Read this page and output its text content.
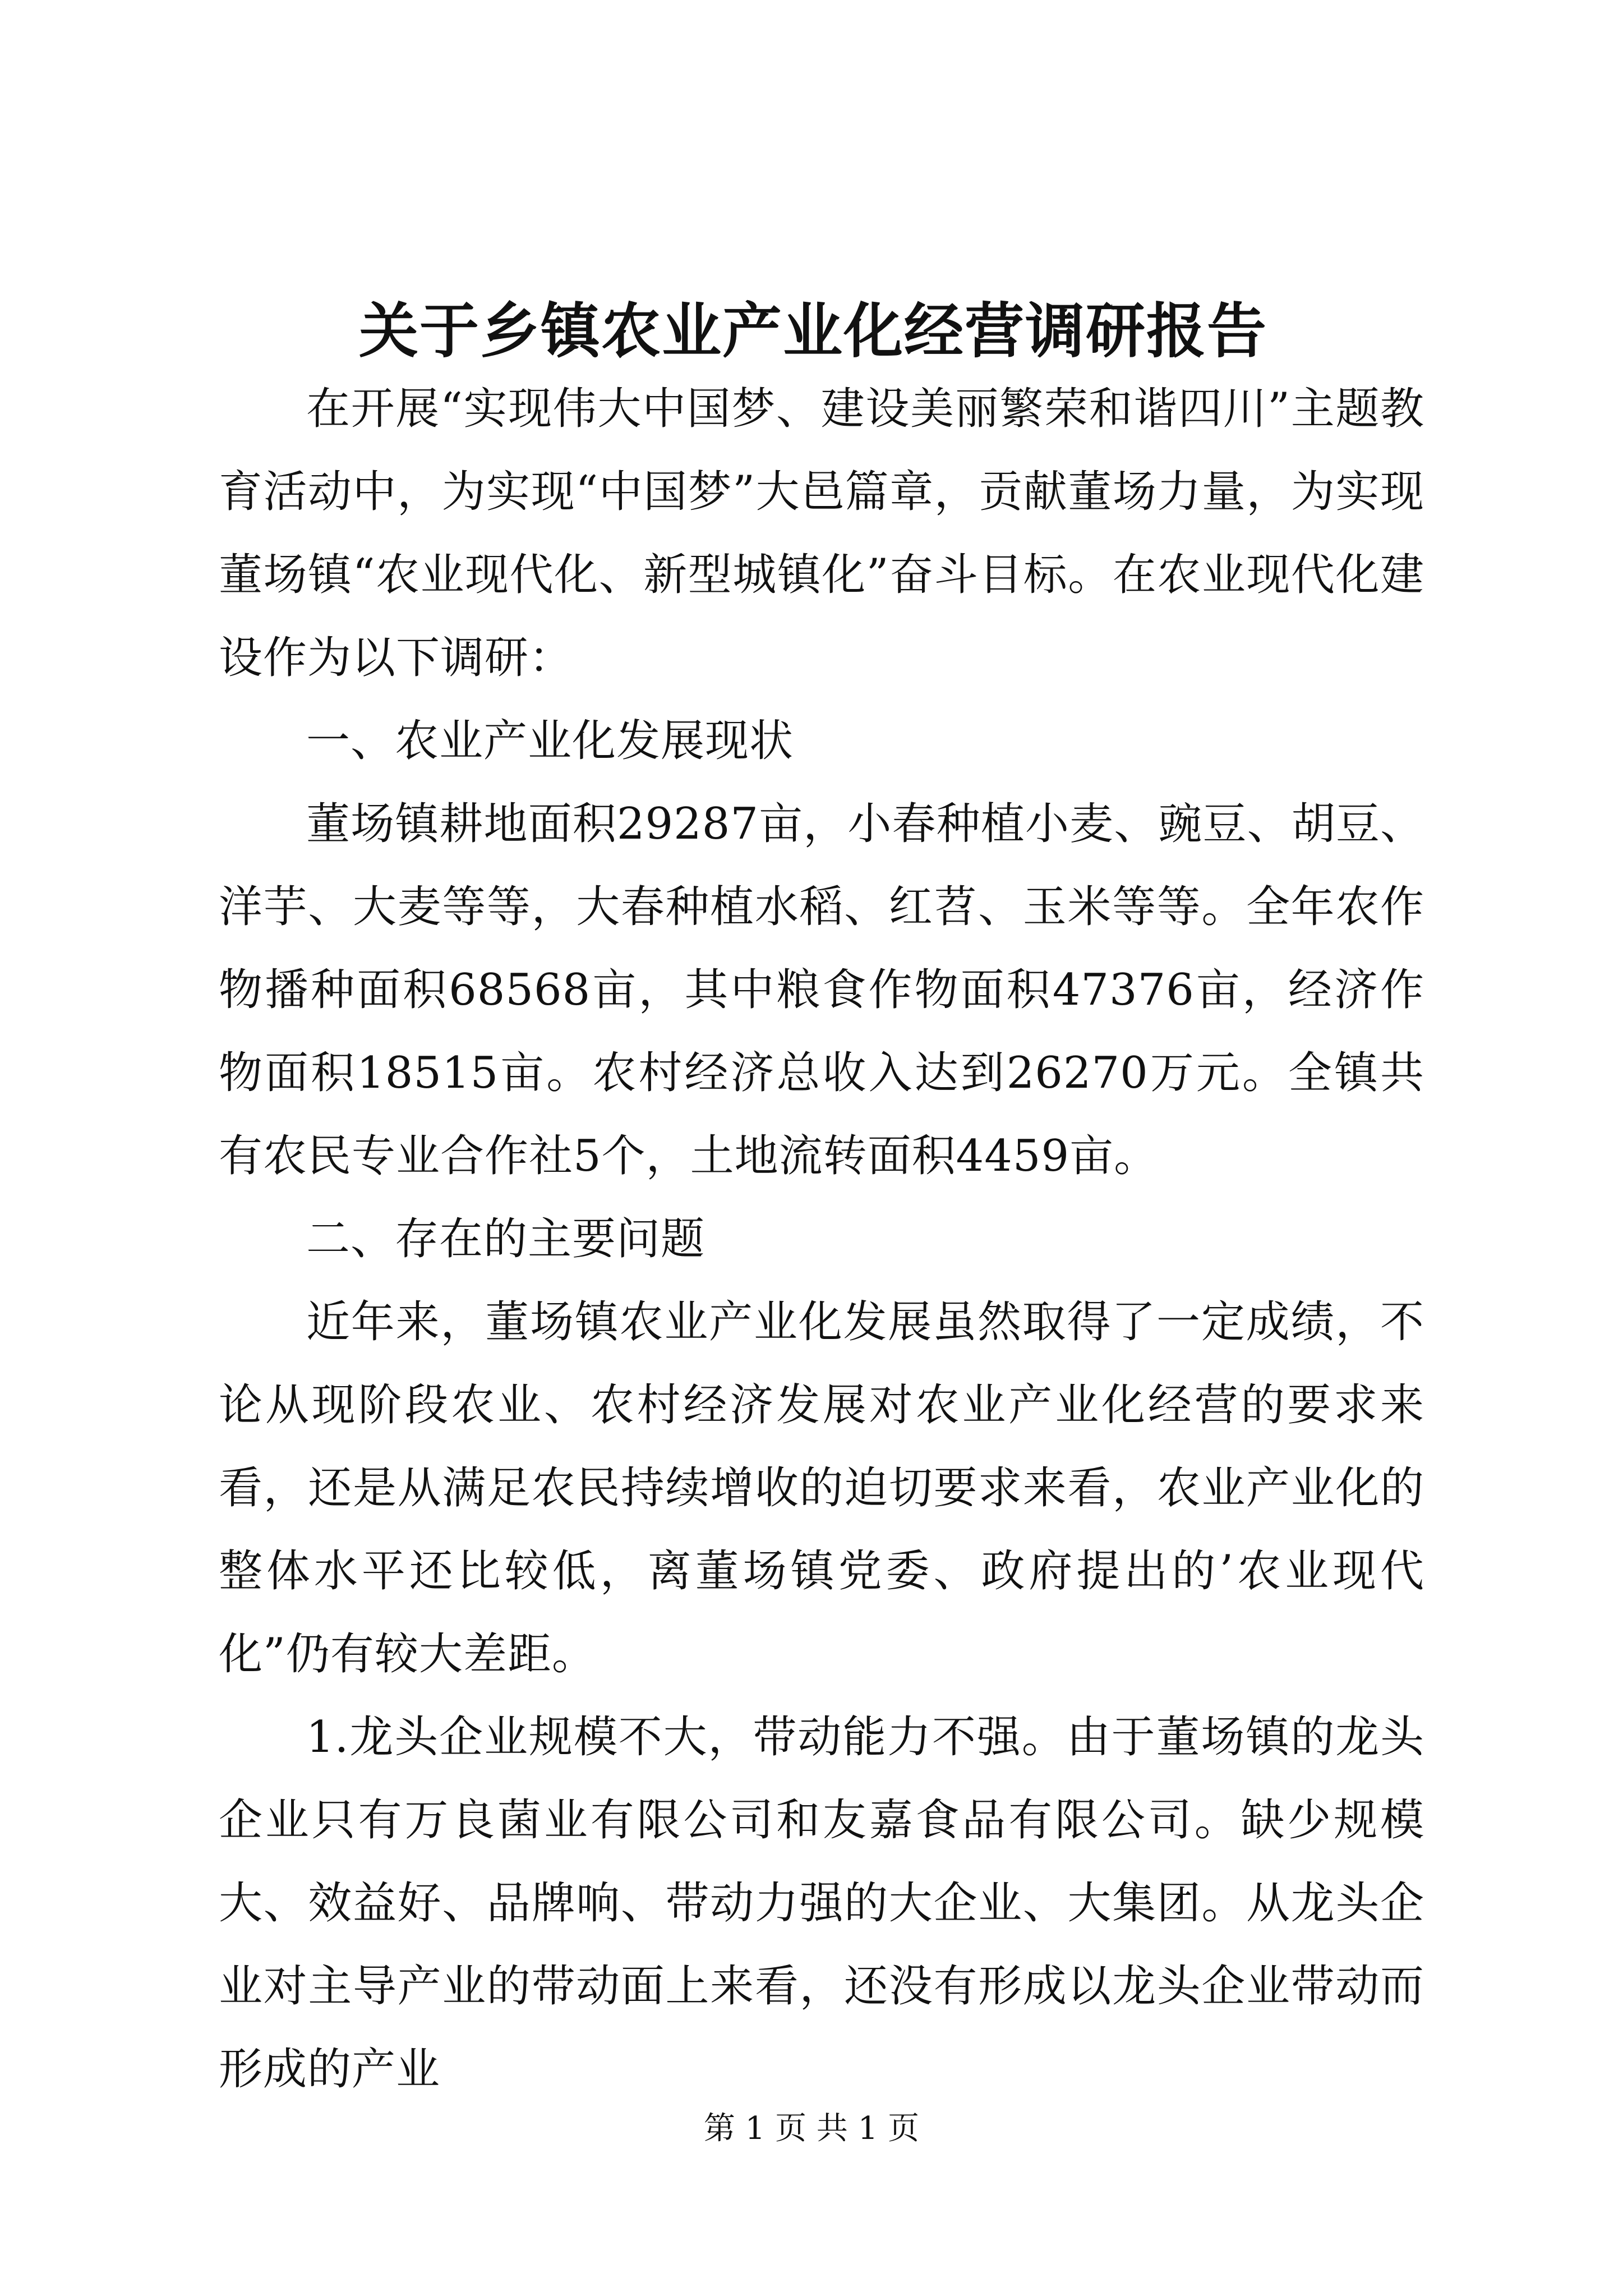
关于乡镇农业产业化经营调研报告

在开展“实现伟大中国梦、建设美丽繁荣和谐四川”主题教育活动中，为实现“中国梦”大邑篇章，贡献董场力量，为实现董场镇“农业现代化、新型城镇化”奋斗目标。在农业现代化建设作为以下调研：

一、农业产业化发展现状

董场镇耕地面积29287亩，小春种植小麦、豌豆、胡豆、洋芋、大麦等等，大春种植水稻、红苕、玉米等等。全年农作物播种面积68568亩，其中粮食作物面积47376亩，经济作物面积18515亩。农村经济总收入达到26270万元。全镇共有农民专业合作社5个，土地流转面积4459亩。

二、存在的主要问题

近年来，董场镇农业产业化发展虽然取得了一定成绩，不论从现阶段农业、农村经济发展对农业产业化经营的要求来看，还是从满足农民持续增收的迫切要求来看，农业产业化的整体水平还比较低，离董场镇党委、政府提出的’农业现代化”仍有较大差距。

1.龙头企业规模不大，带动能力不强。由于董场镇的龙头企业只有万良菌业有限公司和友嘉食品有限公司。缺少规模大、效益好、品牌响、带动力强的大企业、大集团。从龙头企业对主导产业的带动面上来看，还没有形成以龙头企业带动而形成的产业

第 1 页 共 1 页
